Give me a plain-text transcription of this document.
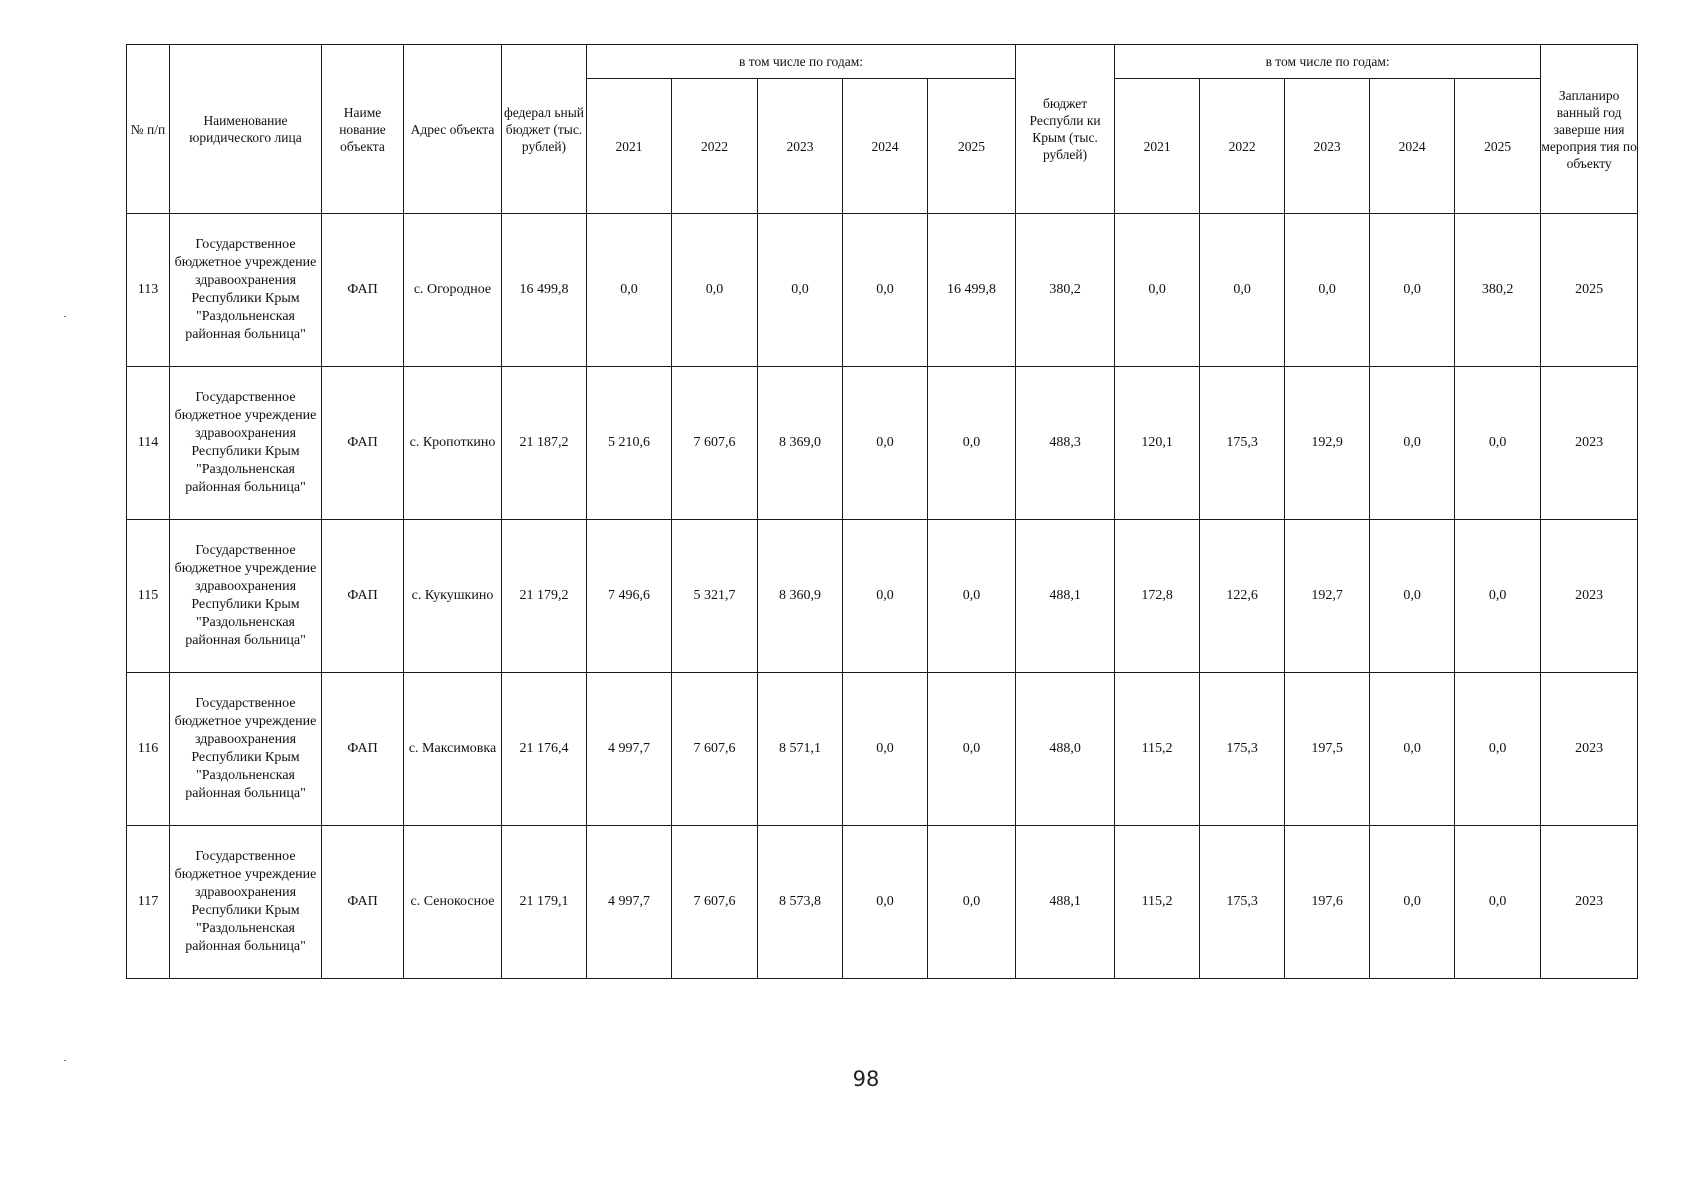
№ п/п	Наименование юридического лица	Наиме нование объекта	Адрес объекта	федерал ьный бюджет (тыс. рублей)	в том числе по годам:					бюджет Республи ки Крым (тыс. рублей)	в том числе по годам:					Запланиро ванный год заверше ния мероприя тия по объекту
					2021	2022	2023	2024	2025		2021	2022	2023	2024	2025	
113	Государственное бюджетное учреждение здравоохранения Республики Крым "Раздольненская районная больница"	ФАП	с. Огородное	16 499,8	0,0	0,0	0,0	0,0	16 499,8	380,2	0,0	0,0	0,0	0,0	380,2	2025
114	Государственное бюджетное учреждение здравоохранения Республики Крым "Раздольненская районная больница"	ФАП	с. Кропоткино	21 187,2	5 210,6	7 607,6	8 369,0	0,0	0,0	488,3	120,1	175,3	192,9	0,0	0,0	2023
115	Государственное бюджетное учреждение здравоохранения Республики Крым "Раздольненская районная больница"	ФАП	с. Кукушкино	21 179,2	7 496,6	5 321,7	8 360,9	0,0	0,0	488,1	172,8	122,6	192,7	0,0	0,0	2023
116	Государственное бюджетное учреждение здравоохранения Республики Крым "Раздольненская районная больница"	ФАП	с. Максимовка	21 176,4	4 997,7	7 607,6	8 571,1	0,0	0,0	488,0	115,2	175,3	197,5	0,0	0,0	2023
117	Государственное бюджетное учреждение здравоохранения Республики Крым "Раздольненская районная больница"	ФАП	с. Сенокосное	21 179,1	4 997,7	7 607,6	8 573,8	0,0	0,0	488,1	115,2	175,3	197,6	0,0	0,0	2023
98
